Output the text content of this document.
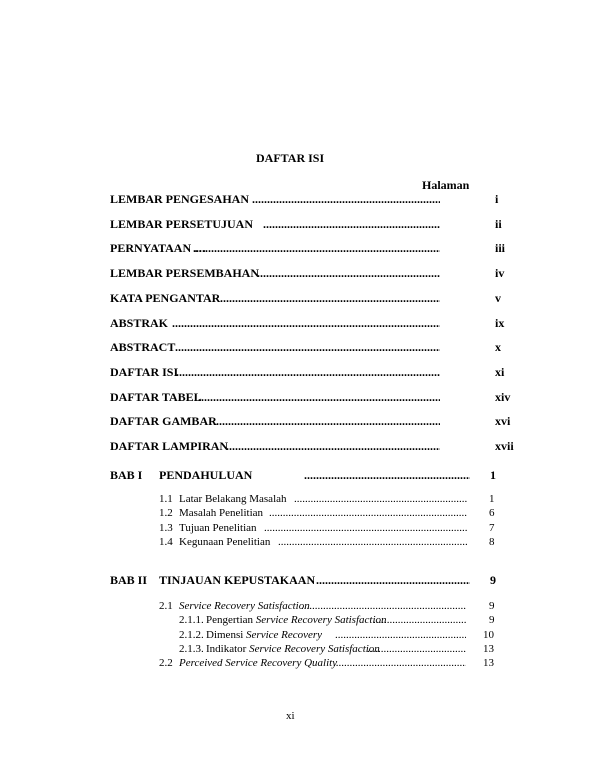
DAFTAR ISI
Halaman
LEMBAR PENGESAHAN .....	i
LEMBAR PERSETUJUAN .....	ii
PERNYATAAN … .....	iii
LEMBAR PERSEMBAHAN .....	iv
KATA PENGANTAR .....	v
ABSTRAK .....	ix
ABSTRACT .....	x
DAFTAR ISI .....	xi
DAFTAR TABEL .....	xiv
DAFTAR GAMBAR .....	xvi
DAFTAR LAMPIRAN .....	xvii
BAB I PENDAHULUAN .....	1
1.1 Latar Belakang Masalah .....	1
1.2 Masalah Penelitian .....	6
1.3 Tujuan Penelitian .....	7
1.4 Kegunaan Penelitian .....	8
BAB II TINJAUAN KEPUSTAKAAN .....	9
2.1 Service Recovery Satisfaction .....	9
2.1.1. Pengertian Service Recovery Satisfaction .....	9
2.1.2. Dimensi Service Recovery .....	10
2.1.3. Indikator Service Recovery Satisfaction .....	13
2.2 Perceived Service Recovery Quality .....	13
xi
